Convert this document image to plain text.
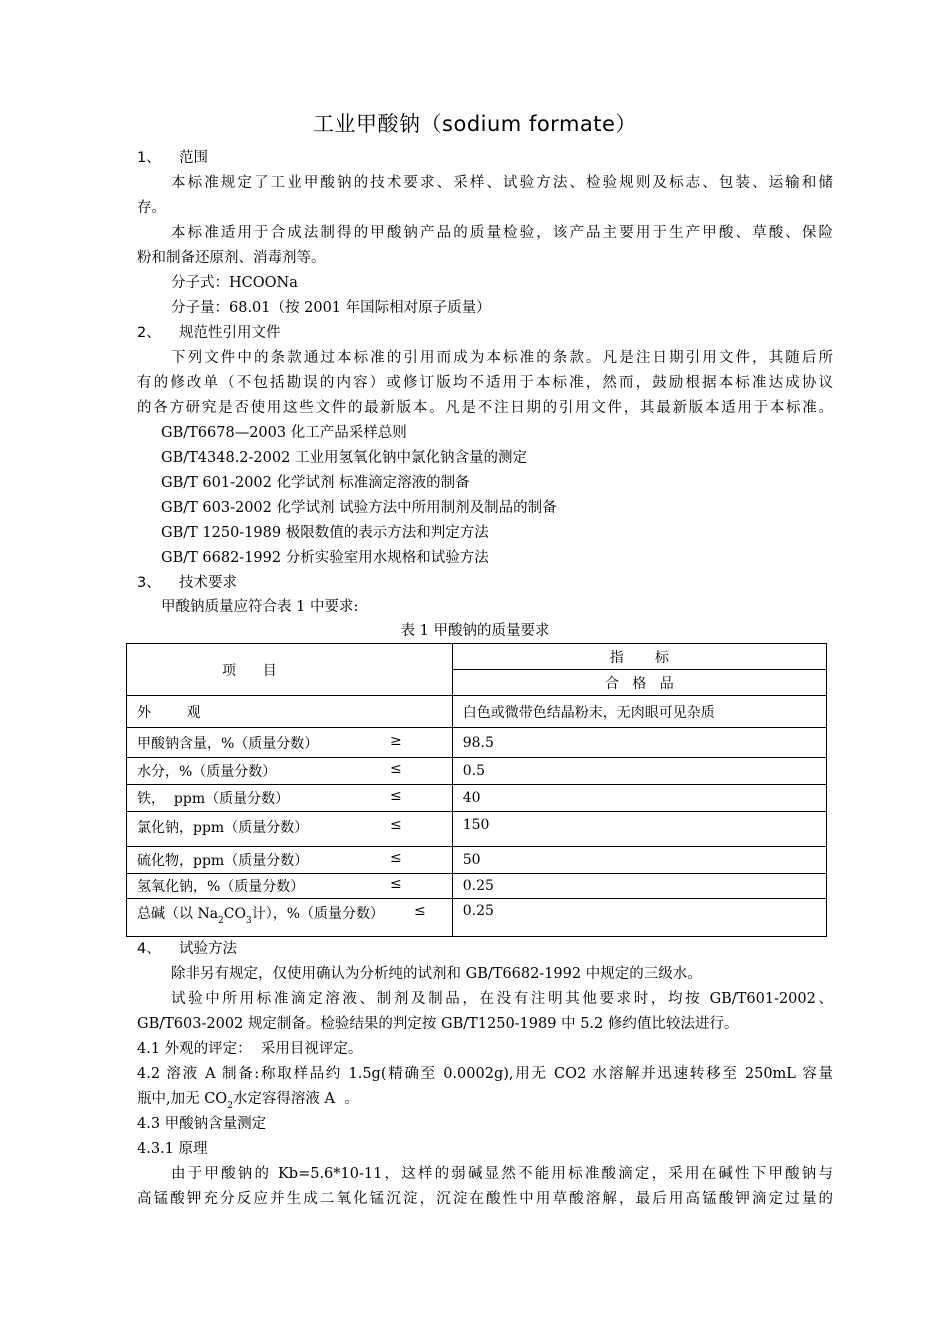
工业甲酸钠（sodium formate）
1、 范围
本标准规定了工业甲酸钠的技术要求、采样、试验方法、检验规则及标志、包装、运输和储
存。
本标准适用于合成法制得的甲酸钠产品的质量检验，该产品主要用于生产甲酸、草酸、保险
粉和制备还原剂、消毒剂等。
分子式：HCOONa
分子量：68.01（按 2001 年国际相对原子质量）
2、 规范性引用文件
下列文件中的条款通过本标准的引用而成为本标准的条款。凡是注日期引用文件，其随后所
有的修改单（不包括勘误的内容）或修订版均不适用于本标准，然而，鼓励根据本标准达成协议
的各方研究是否使用这些文件的最新版本。凡是不注日期的引用文件，其最新版本适用于本标准。
GB/T6678—2003 化工产品采样总则
GB/T4348.2-2002 工业用氢氧化钠中氯化钠含量的测定
GB/T 601-2002 化学试剂 标准滴定溶液的制备
GB/T 603-2002 化学试剂 试验方法中所用制剂及制品的制备
GB/T 1250-1989 极限数值的表示方法和判定方法
GB/T 6682-1992 分析实验室用水规格和试验方法
3、 技术要求
甲酸钠质量应符合表 1 中要求:
表 1 甲酸钠的质量要求
项      目	指       标
	合   格   品
外        观	白色或微带色结晶粉末，无肉眼可见杂质

甲酸钠含量，%（质量分数） ≥	98.5

水分，%（质量分数） ≤	0.5

铁，  ppm（质量分数） ≤	40

氯化钠，ppm（质量分数） ≤	150

硫化物，ppm（质量分数） ≤	50

氢氧化钠，%（质量分数） ≤	0.25

总碱（以 $Na_2CO_3$计），%（质量分数） ≤	0.25
4、 试验方法
除非另有规定，仅使用确认为分析纯的试剂和 GB/T6682-1992 中规定的三级水。
试验中所用标准滴定溶液、制剂及制品，在没有注明其他要求时，均按 GB/T601-2002、
GB/T603-2002 规定制备。检验结果的判定按 GB/T1250-1989 中 5.2 修约值比较法进行。
4.1 外观的评定：  采用目视评定。
4.2 溶液 A 制备:称取样品约 1.5g(精确至 0.0002g),用无 CO2 水溶解并迅速转移至 250mL 容量
瓶中,加无 $CO_2$水定容得溶液 A  。
4.3 甲酸钠含量测定
4.3.1 原理
由于甲酸钠的 Kb=5.6*10-11，这样的弱碱显然不能用标准酸滴定，采用在碱性下甲酸钠与
高锰酸钾充分反应并生成二氧化锰沉淀，沉淀在酸性中用草酸溶解，最后用高锰酸钾滴定过量的
